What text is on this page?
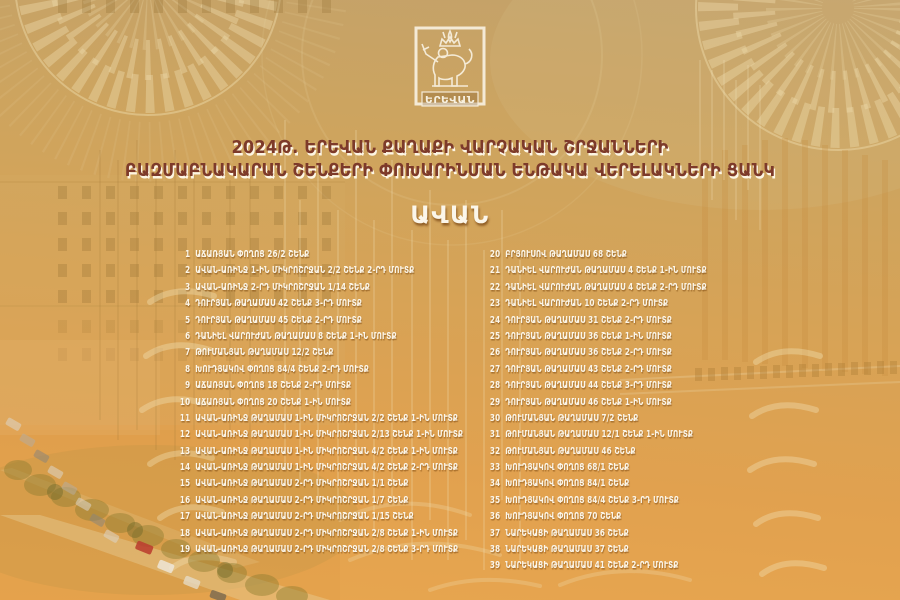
ԵՐԵՎԱՆ
2024Թ. ԵՐԵՎԱՆ ՔԱՂԱՔԻ ՎԱՐՉԱԿԱՆ ՇՐՋԱՆՆԵՐԻ
ԲԱԶՄԱԲՆԱԿԱՐԱՆ ՇԵՆՔԵՐԻ ՓՈԽԱՐԻՆՄԱՆ ԵՆԹԱԿԱ ՎԵՐԵԼԱԿՆԵՐԻ ՑԱՆԿ
ԱՎԱՆ
1 ԱՃԱՌՅԱՆ ՓՈՂՈՑ 26/2 ՇԵՆՔ
2 ԱՎԱՆ-ԱՌԻՆՋ 1-ԻՆ ՄԻԿՐՈՇՐՋԱՆ 2/2 ՇԵՆՔ 2-ՐԴ ՄՈՒՏՔ
3 ԱՎԱՆ-ԱՌԻՆՋ 2-ՐԴ ՄԻԿՐՈՇՐՋԱՆ 1/14 ՇԵՆՔ
4 ԴՈՒՐՅԱՆ ԹԱՂԱՄԱՍ 42 ՇԵՆՔ 3-ՐԴ ՄՈՒՏՔ
5 ԴՈՒՐՅԱՆ ԹԱՂԱՄԱՍ 45 ՇԵՆՔ 2-ՐԴ ՄՈՒՏՔ
6 ԴԱՆԻԵԼ ՎԱՐՈՒԺԱՆ ԹԱՂԱՄԱՍ 8 ՇԵՆՔ 1-ԻՆ ՄՈՒՏՔ
7 ԹՈՒՄԱՆՅԱՆ ԹԱՂԱՄԱՍ 12/2 ՇԵՆՔ
8 ԽՈՒԴՅԱԿՈՎ ՓՈՂՈՑ 84/4 ՇԵՆՔ 2-ՐԴ ՄՈՒՏՔ
9 ԱՃԱՌՅԱՆ ՓՈՂՈՑ 18 ՇԵՆՔ 2-ՐԴ ՄՈՒՏՔ
10 ԱՃԱՌՅԱՆ ՓՈՂՈՑ 20 ՇԵՆՔ 1-ԻՆ ՄՈՒՏՔ
11 ԱՎԱՆ-ԱՌԻՆՋ ԹԱՂԱՄԱՍ 1-ԻՆ ՄԻԿՐՈՇՐՋԱՆ 2/2 ՇԵՆՔ 1-ԻՆ ՄՈՒՏՔ
12 ԱՎԱՆ-ԱՌԻՆՋ ԹԱՂԱՄԱՍ 1-ԻՆ ՄԻԿՐՈՇՐՋԱՆ 2/13 ՇԵՆՔ 1-ԻՆ ՄՈՒՏՔ
13 ԱՎԱՆ-ԱՌԻՆՋ ԹԱՂԱՄԱՍ 1-ԻՆ ՄԻԿՐՈՇՐՋԱՆ 4/2 ՇԵՆՔ 1-ԻՆ ՄՈՒՏՔ
14 ԱՎԱՆ-ԱՌԻՆՋ ԹԱՂԱՄԱՍ 1-ԻՆ ՄԻԿՐՈՇՐՋԱՆ 4/2 ՇԵՆՔ 2-ՐԴ ՄՈՒՏՔ
15 ԱՎԱՆ-ԱՌԻՆՋ ԹԱՂԱՄԱՍ 2-ՐԴ ՄԻԿՐՈՇՐՋԱՆ 1/1 ՇԵՆՔ
16 ԱՎԱՆ-ԱՌԻՆՋ ԹԱՂԱՄԱՍ 2-ՐԴ ՄԻԿՐՈՇՐՋԱՆ 1/7 ՇԵՆՔ
17 ԱՎԱՆ-ԱՌԻՆՋ ԹԱՂԱՄԱՍ 2-ՐԴ ՄԻԿՐՈՇՐՋԱՆ 1/15 ՇԵՆՔ
18 ԱՎԱՆ-ԱՌԻՆՋ ԹԱՂԱՄԱՍ 2-ՐԴ ՄԻԿՐՈՇՐՋԱՆ 2/8 ՇԵՆՔ 1-ԻՆ ՄՈՒՏՔ
19 ԱՎԱՆ-ԱՌԻՆՋ ԹԱՂԱՄԱՍ 2-ՐԴ ՄԻԿՐՈՇՐՋԱՆ 2/8 ՇԵՆՔ 3-ՐԴ ՄՈՒՏՔ
20 ԲՐՅՈՒՍՈՎ ԹԱՂԱՄԱՍ 68 ՇԵՆՔ
21 ԴԱՆԻԵԼ ՎԱՐՈՒԺԱՆ ԹԱՂԱՄԱՍ 4 ՇԵՆՔ 1-ԻՆ ՄՈՒՏՔ
22 ԴԱՆԻԵԼ ՎԱՐՈՒԺԱՆ ԹԱՂԱՄԱՍ 4 ՇԵՆՔ 2-ՐԴ ՄՈՒՏՔ
23 ԴԱՆԻԵԼ ՎԱՐՈՒԺԱՆ 10 ՇԵՆՔ 2-ՐԴ ՄՈՒՏՔ
24 ԴՈՒՐՅԱՆ ԹԱՂԱՄԱՍ 31 ՇԵՆՔ 2-ՐԴ ՄՈՒՏՔ
25 ԴՈՒՐՅԱՆ ԹԱՂԱՄԱՍ 36 ՇԵՆՔ 1-ԻՆ ՄՈՒՏՔ
26 ԴՈՒՐՅԱՆ ԹԱՂԱՄԱՍ 36 ՇԵՆՔ 2-ՐԴ ՄՈՒՏՔ
27 ԴՈՒՐՅԱՆ ԹԱՂԱՄԱՍ 43 ՇԵՆՔ 2-ՐԴ ՄՈՒՏՔ
28 ԴՈՒՐՅԱՆ ԹԱՂԱՄԱՍ 44 ՇԵՆՔ 3-ՐԴ ՄՈՒՏՔ
29 ԴՈՒՐՅԱՆ ԹԱՂԱՄԱՍ 46 ՇԵՆՔ 1-ԻՆ ՄՈՒՏՔ
30 ԹՈՒՄԱՆՅԱՆ ԹԱՂԱՄԱՍ 7/2 ՇԵՆՔ
31 ԹՈՒՄԱՆՅԱՆ ԹԱՂԱՄԱՍ 12/1 ՇԵՆՔ 1-ԻՆ ՄՈՒՏՔ
32 ԹՈՒՄԱՆՅԱՆ ԹԱՂԱՄԱՍ 46 ՇԵՆՔ
33 ԽՈՒԴՅԱԿՈՎ ՓՈՂՈՑ 68/1 ՇԵՆՔ
34 ԽՈՒԴՅԱԿՈՎ ՓՈՂՈՑ 84/1 ՇԵՆՔ
35 ԽՈՒԴՅԱԿՈՎ ՓՈՂՈՑ 84/4 ՇԵՆՔ 3-ՐԴ ՄՈՒՏՔ
36 ԽՈՒԴՅԱԿՈՎ ՓՈՂՈՑ 70 ՇԵՆՔ
37 ՆԱՐԵԿԱՑԻ ԹԱՂԱՄԱՍ 36 ՇԵՆՔ
38 ՆԱՐԵԿԱՑԻ ԹԱՂԱՄԱՍ 37 ՇԵՆՔ
39 ՆԱՐԵԿԱՑԻ ԹԱՂԱՄԱՍ 41 ՇԵՆՔ 2-ՐԴ ՄՈՒՏՔ
